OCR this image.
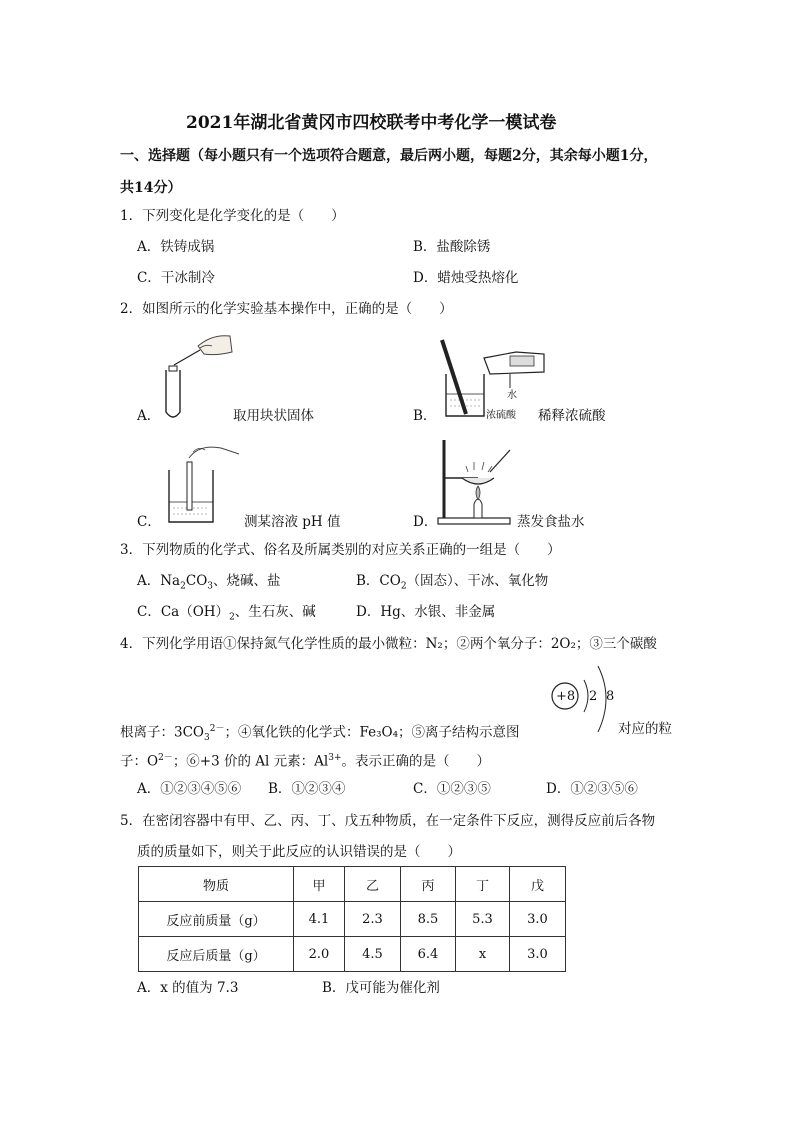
2021年湖北省黄冈市四校联考中考化学一模试卷
一、选择题（每小题只有一个选项符合题意，最后两小题，每题2分，其余每小题1分，
共14分）
1．下列变化是化学变化的是（　　）
A．铁铸成锅	B．盐酸除锈
C．干冰制冷	D．蜡烛受热熔化
2．如图所示的化学实验基本操作中，正确的是（　　）
A．	取用块状固体	B．
水
浓硫酸 稀释浓硫酸
C．	测某溶液 pH 值	D．	蒸发食盐水
3．下列物质的化学式、俗名及所属类别的对应关系正确的一组是（　　）
A．$Na_2CO_3$、烧碱、盐	B．$CO_2$（固态）、干冰、氧化物
C．$Ca(OH)_2$、生石灰、碱	D．Hg、水银、非金属
4．下列化学用语①保持氮气化学性质的最小微粒：N₂；②两个氧分子：2O₂；③三个碳酸
+8 2 8
根离子：$3CO_3^{2-}$；④氧化铁的化学式：Fe₃O₄；⑤离子结构示意图	对应的粒
子：$O^{2-}$；⑥+3 价的 Al 元素：$Al^{3+}$。表示正确的是（　　）
A．①②③④⑤⑥ B．①②③④	C．①②③⑤	D．①②③⑤⑥
5．在密闭容器中有甲、乙、丙、丁、戊五种物质，在一定条件下反应，测得反应前后各物
质的质量如下，则关于此反应的认识错误的是（　　）
物质	甲	乙	丙	丁	戊
反应前质量（g）	4.1	2.3	8.5	5.3	3.0
反应后质量（g）	2.0	4.5	6.4	x	3.0
A．x 的值为 7.3	B．戊可能为催化剂
